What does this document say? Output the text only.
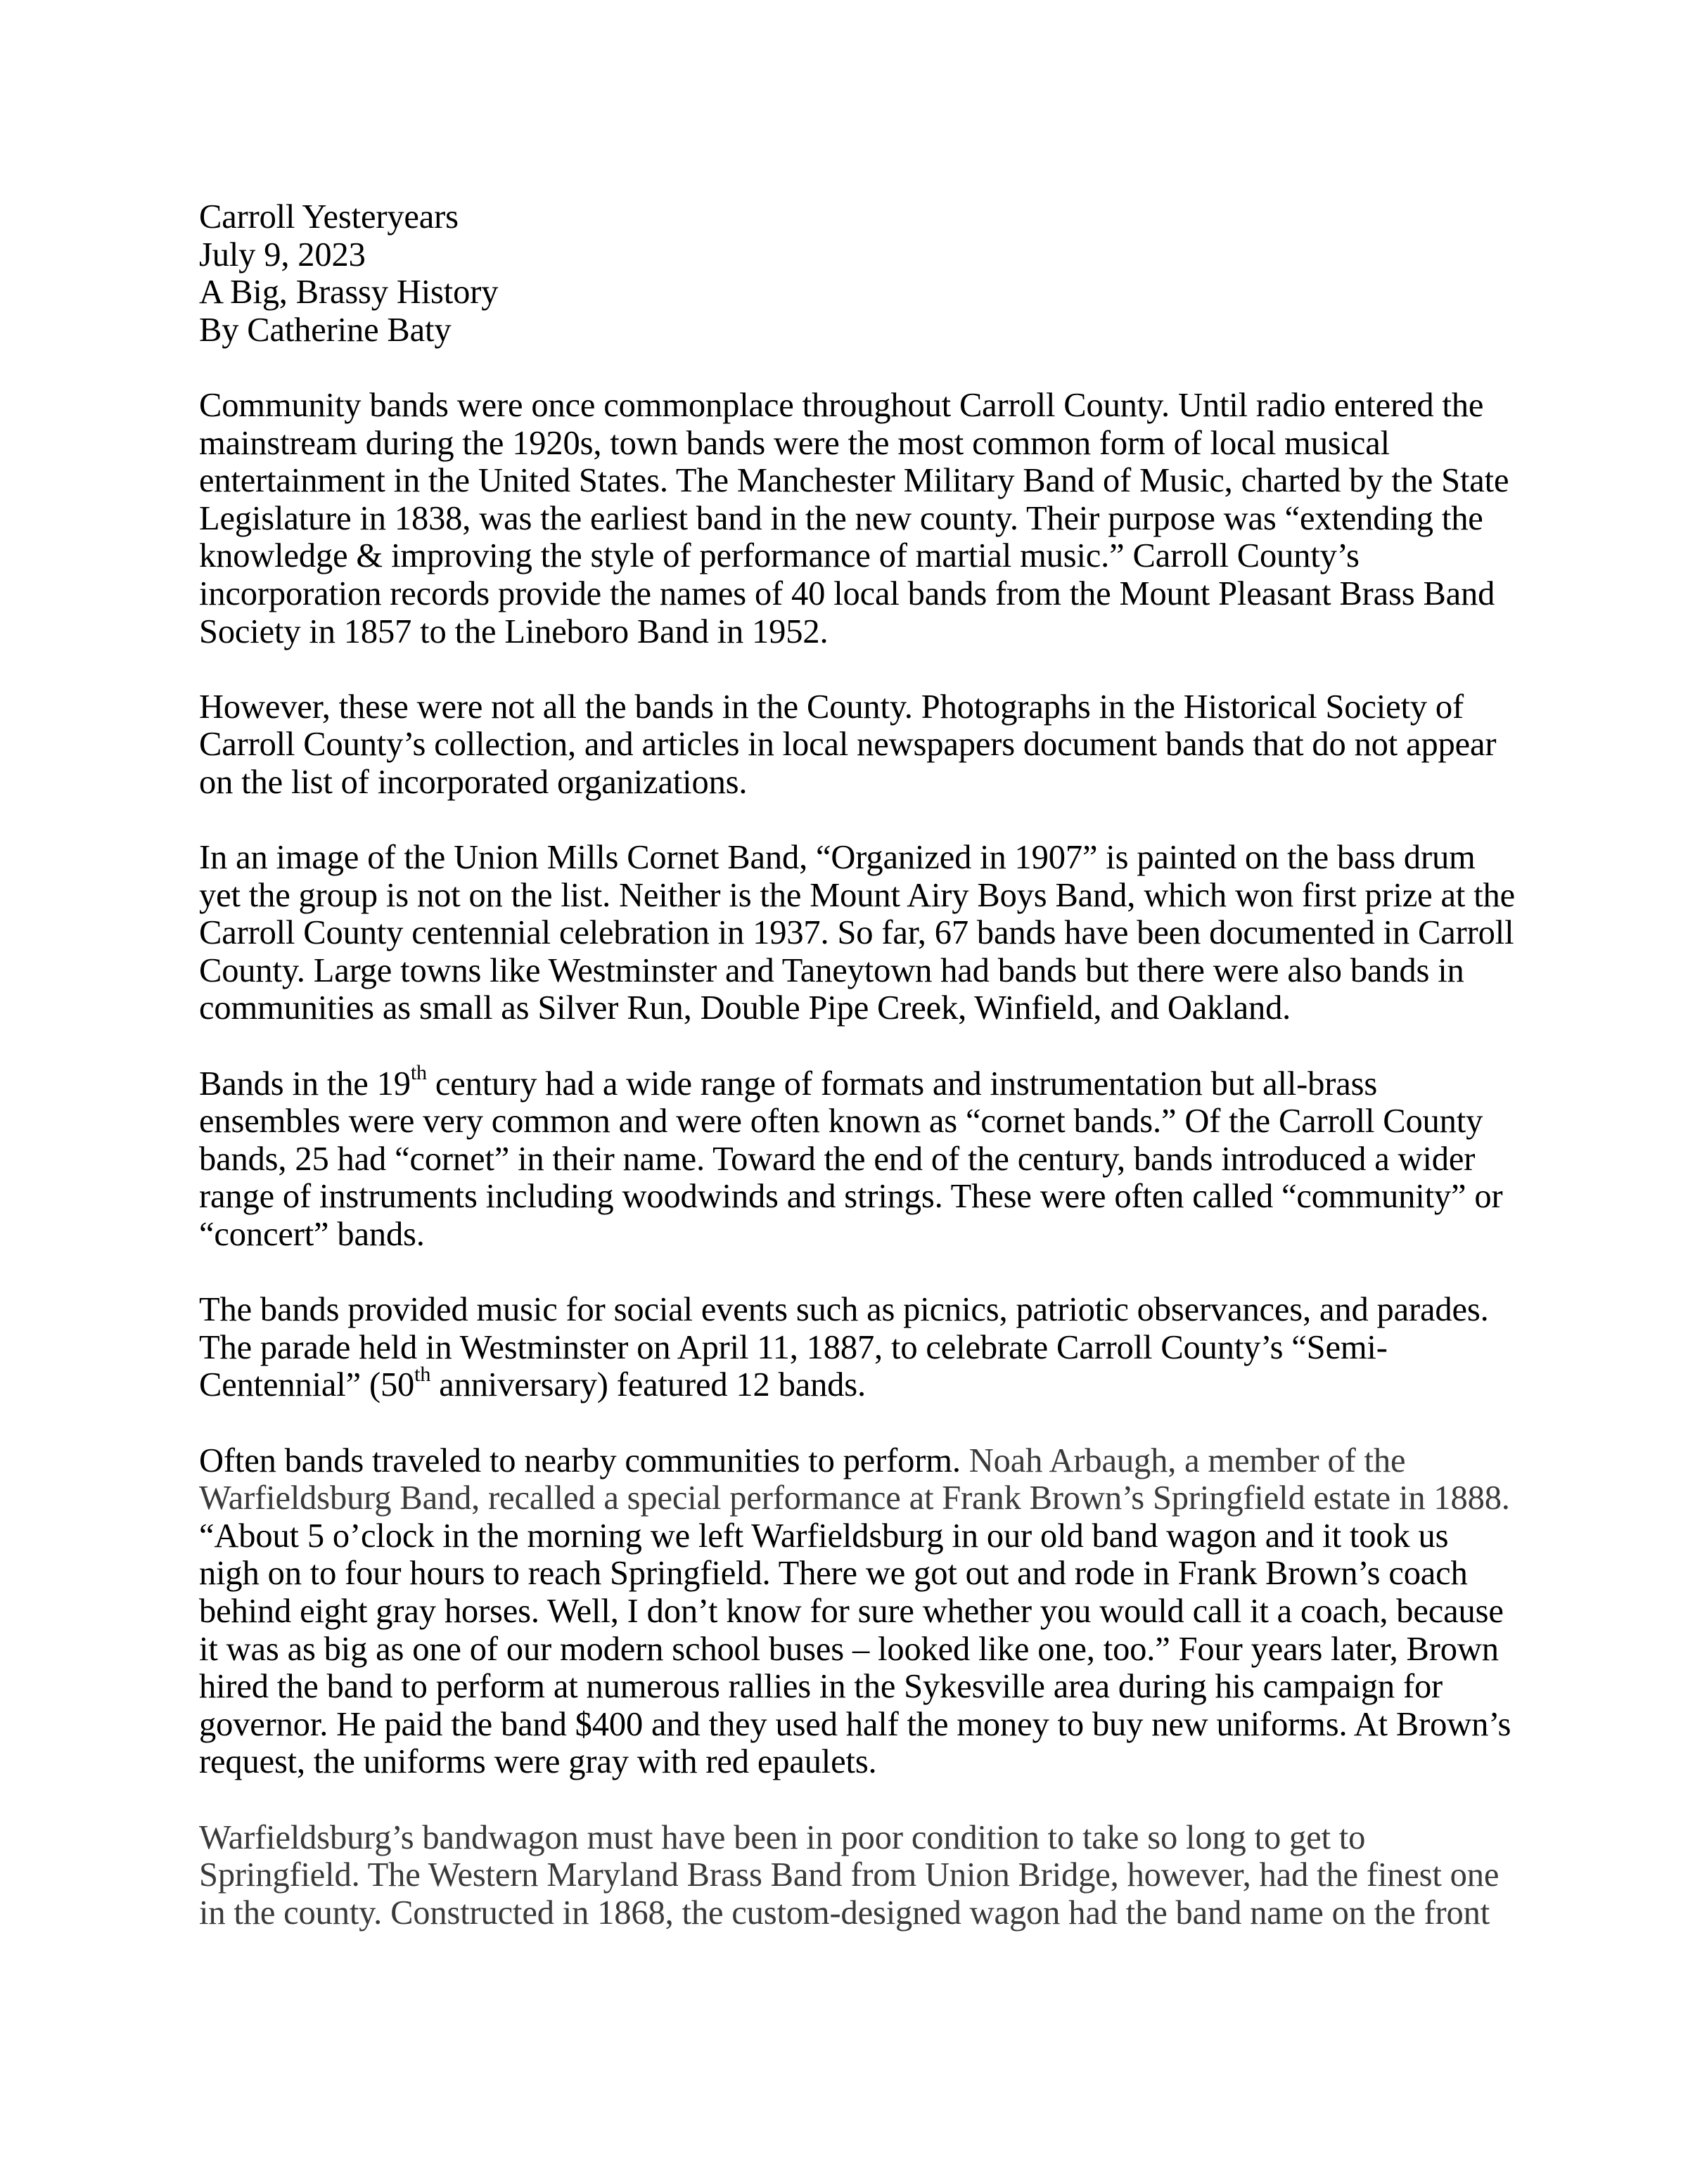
Carroll Yesteryears
July 9, 2023
A Big, Brassy History
By Catherine Baty
Community bands were once commonplace throughout Carroll County. Until radio entered the
mainstream during the 1920s, town bands were the most common form of local musical
entertainment in the United States. The Manchester Military Band of Music, charted by the State
Legislature in 1838, was the earliest band in the new county. Their purpose was “extending the
knowledge & improving the style of performance of martial music.” Carroll County’s
incorporation records provide the names of 40 local bands from the Mount Pleasant Brass Band
Society in 1857 to the Lineboro Band in 1952.
However, these were not all the bands in the County. Photographs in the Historical Society of
Carroll County’s collection, and articles in local newspapers document bands that do not appear
on the list of incorporated organizations.
In an image of the Union Mills Cornet Band, “Organized in 1907” is painted on the bass drum
yet the group is not on the list. Neither is the Mount Airy Boys Band, which won first prize at the
Carroll County centennial celebration in 1937. So far, 67 bands have been documented in Carroll
County. Large towns like Westminster and Taneytown had bands but there were also bands in
communities as small as Silver Run, Double Pipe Creek, Winfield, and Oakland.
Bands in the 19th century had a wide range of formats and instrumentation but all-brass
ensembles were very common and were often known as “cornet bands.” Of the Carroll County
bands, 25 had “cornet” in their name. Toward the end of the century, bands introduced a wider
range of instruments including woodwinds and strings. These were often called “community” or
“concert” bands.
The bands provided music for social events such as picnics, patriotic observances, and parades.
The parade held in Westminster on April 11, 1887, to celebrate Carroll County’s “Semi-
Centennial” (50th anniversary) featured 12 bands.
Often bands traveled to nearby communities to perform. Noah Arbaugh, a member of the
Warfieldsburg Band, recalled a special performance at Frank Brown’s Springfield estate in 1888.
“About 5 o’clock in the morning we left Warfieldsburg in our old band wagon and it took us
nigh on to four hours to reach Springfield. There we got out and rode in Frank Brown’s coach
behind eight gray horses. Well, I don’t know for sure whether you would call it a coach, because
it was as big as one of our modern school buses – looked like one, too.” Four years later, Brown
hired the band to perform at numerous rallies in the Sykesville area during his campaign for
governor. He paid the band $400 and they used half the money to buy new uniforms. At Brown’s
request, the uniforms were gray with red epaulets.
Warfieldsburg’s bandwagon must have been in poor condition to take so long to get to
Springfield. The Western Maryland Brass Band from Union Bridge, however, had the finest one
in the county. Constructed in 1868, the custom-designed wagon had the band name on the front
